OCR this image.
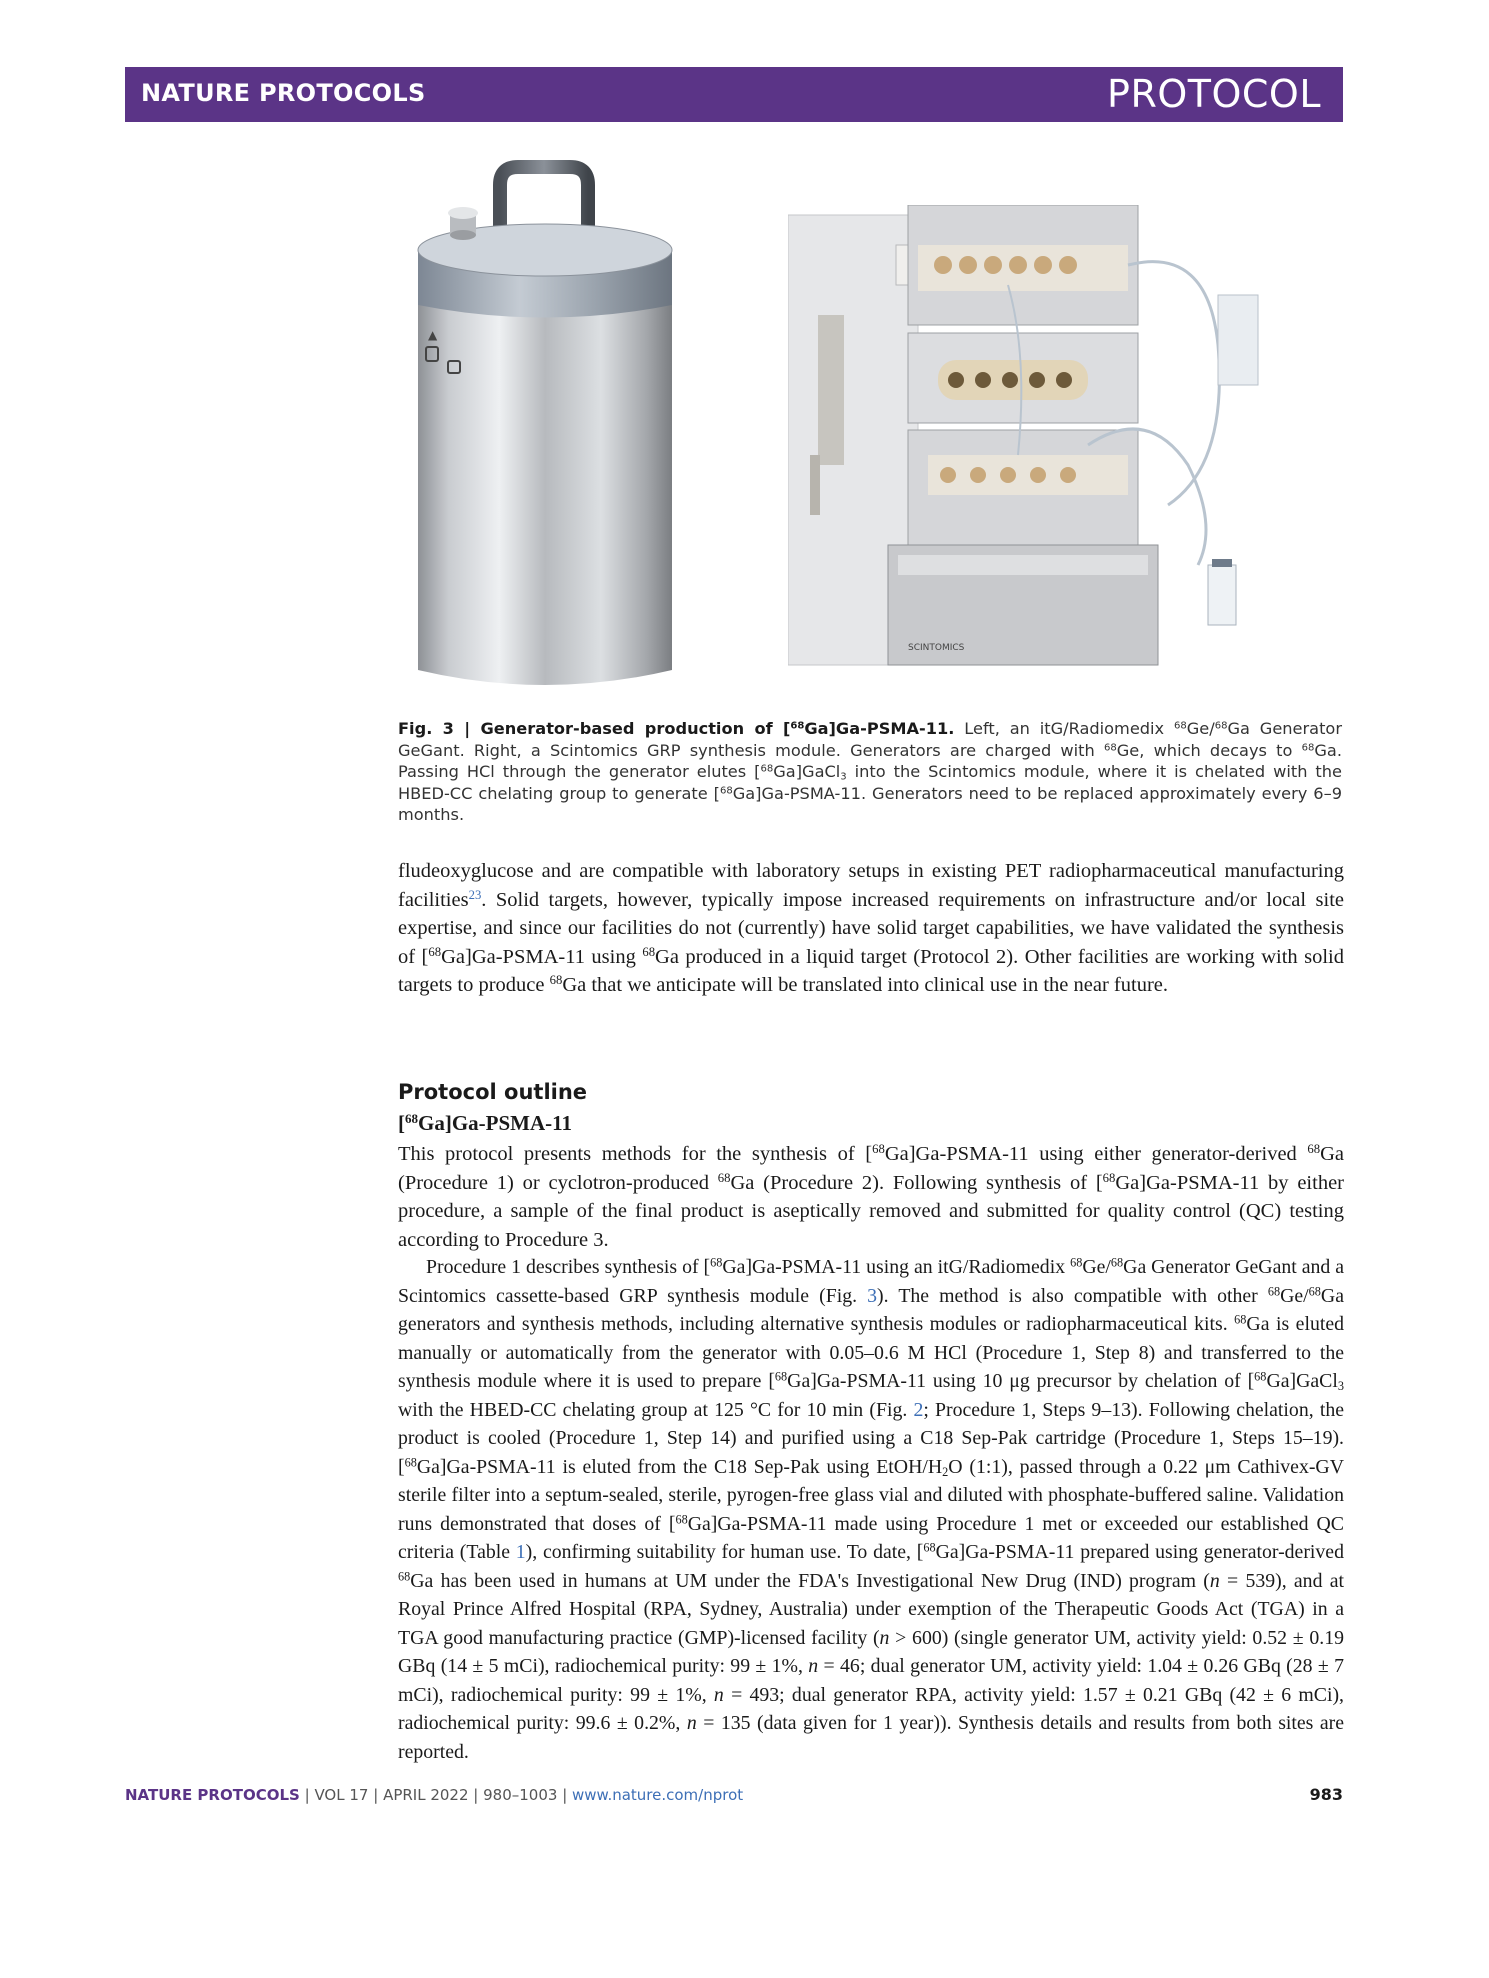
NATURE PROTOCOLS	PROTOCOL
▲
SCINTOMICS
Fig. 3 | Generator-based production of [$^{68}$Ga]Ga-PSMA-11. Left, an itG/Radiomedix $^{68}$Ge/$^{68}$Ga Generator GeGant. Right, a Scintomics GRP synthesis module. Generators are charged with $^{68}$Ge, which decays to $^{68}$Ga. Passing HCl through the generator elutes [$^{68}$Ga]GaCl$_3$ into the Scintomics module, where it is chelated with the HBED-CC chelating group to generate [$^{68}$Ga]Ga-PSMA-11. Generators need to be replaced approximately every 6–9 months.
fludeoxyglucose and are compatible with laboratory setups in existing PET radiopharmaceutical manufacturing facilities$^{23}$. Solid targets, however, typically impose increased requirements on infrastructure and/or local site expertise, and since our facilities do not (currently) have solid target capabilities, we have validated the synthesis of [$^{68}$Ga]Ga-PSMA-11 using $^{68}$Ga produced in a liquid target (Protocol 2). Other facilities are working with solid targets to produce $^{68}$Ga that we anticipate will be translated into clinical use in the near future.
Protocol outline
[$^{68}$Ga]Ga-PSMA-11

This protocol presents methods for the synthesis of [$^{68}$Ga]Ga-PSMA-11 using either generator-derived $^{68}$Ga (Procedure 1) or cyclotron-produced $^{68}$Ga (Procedure 2). Following synthesis of [$^{68}$Ga]Ga-PSMA-11 by either procedure, a sample of the final product is aseptically removed and submitted for quality control (QC) testing according to Procedure 3.

Procedure 1 describes synthesis of [$^{68}$Ga]Ga-PSMA-11 using an itG/Radiomedix $^{68}$Ge/$^{68}$Ga Generator GeGant and a Scintomics cassette-based GRP synthesis module (Fig. 3). The method is also compatible with other $^{68}$Ge/$^{68}$Ga generators and synthesis methods, including alternative synthesis modules or radiopharmaceutical kits. $^{68}$Ga is eluted manually or automatically from the generator with 0.05–0.6 M HCl (Procedure 1, Step 8) and transferred to the synthesis module where it is used to prepare [$^{68}$Ga]Ga-PSMA-11 using 10 μg precursor by chelation of [$^{68}$Ga]GaCl$_3$ with the HBED-CC chelating group at 125 °C for 10 min (Fig. 2; Procedure 1, Steps 9–13). Following chelation, the product is cooled (Procedure 1, Step 14) and purified using a C18 Sep-Pak cartridge (Procedure 1, Steps 15–19). [$^{68}$Ga]Ga-PSMA-11 is eluted from the C18 Sep-Pak using EtOH/$H_2O$ (1:1), passed through a 0.22 μm Cathivex-GV sterile filter into a septum-sealed, sterile, pyrogen-free glass vial and diluted with phosphate-buffered saline. Validation runs demonstrated that doses of [$^{68}$Ga]Ga-PSMA-11 made using Procedure 1 met or exceeded our established QC criteria (Table 1), confirming suitability for human use. To date, [$^{68}$Ga]Ga-PSMA-11 prepared using generator-derived $^{68}$Ga has been used in humans at UM under the FDA's Investigational New Drug (IND) program (n = 539), and at Royal Prince Alfred Hospital (RPA, Sydney, Australia) under exemption of the Therapeutic Goods Act (TGA) in a TGA good manufacturing practice (GMP)-licensed facility (n > 600) (single generator UM, activity yield: 0.52 ± 0.19 GBq (14 ± 5 mCi), radiochemical purity: 99 ± 1%, n = 46; dual generator UM, activity yield: 1.04 ± 0.26 GBq (28 ± 7 mCi), radiochemical purity: 99 ± 1%, n = 493; dual generator RPA, activity yield: 1.57 ± 0.21 GBq (42 ± 6 mCi), radiochemical purity: 99.6 ± 0.2%, n = 135 (data given for 1 year)). Synthesis details and results from both sites are reported.

NATURE PROTOCOLS | VOL 17 | APRIL 2022 | 980–1003 | www.nature.com/nprot	983
